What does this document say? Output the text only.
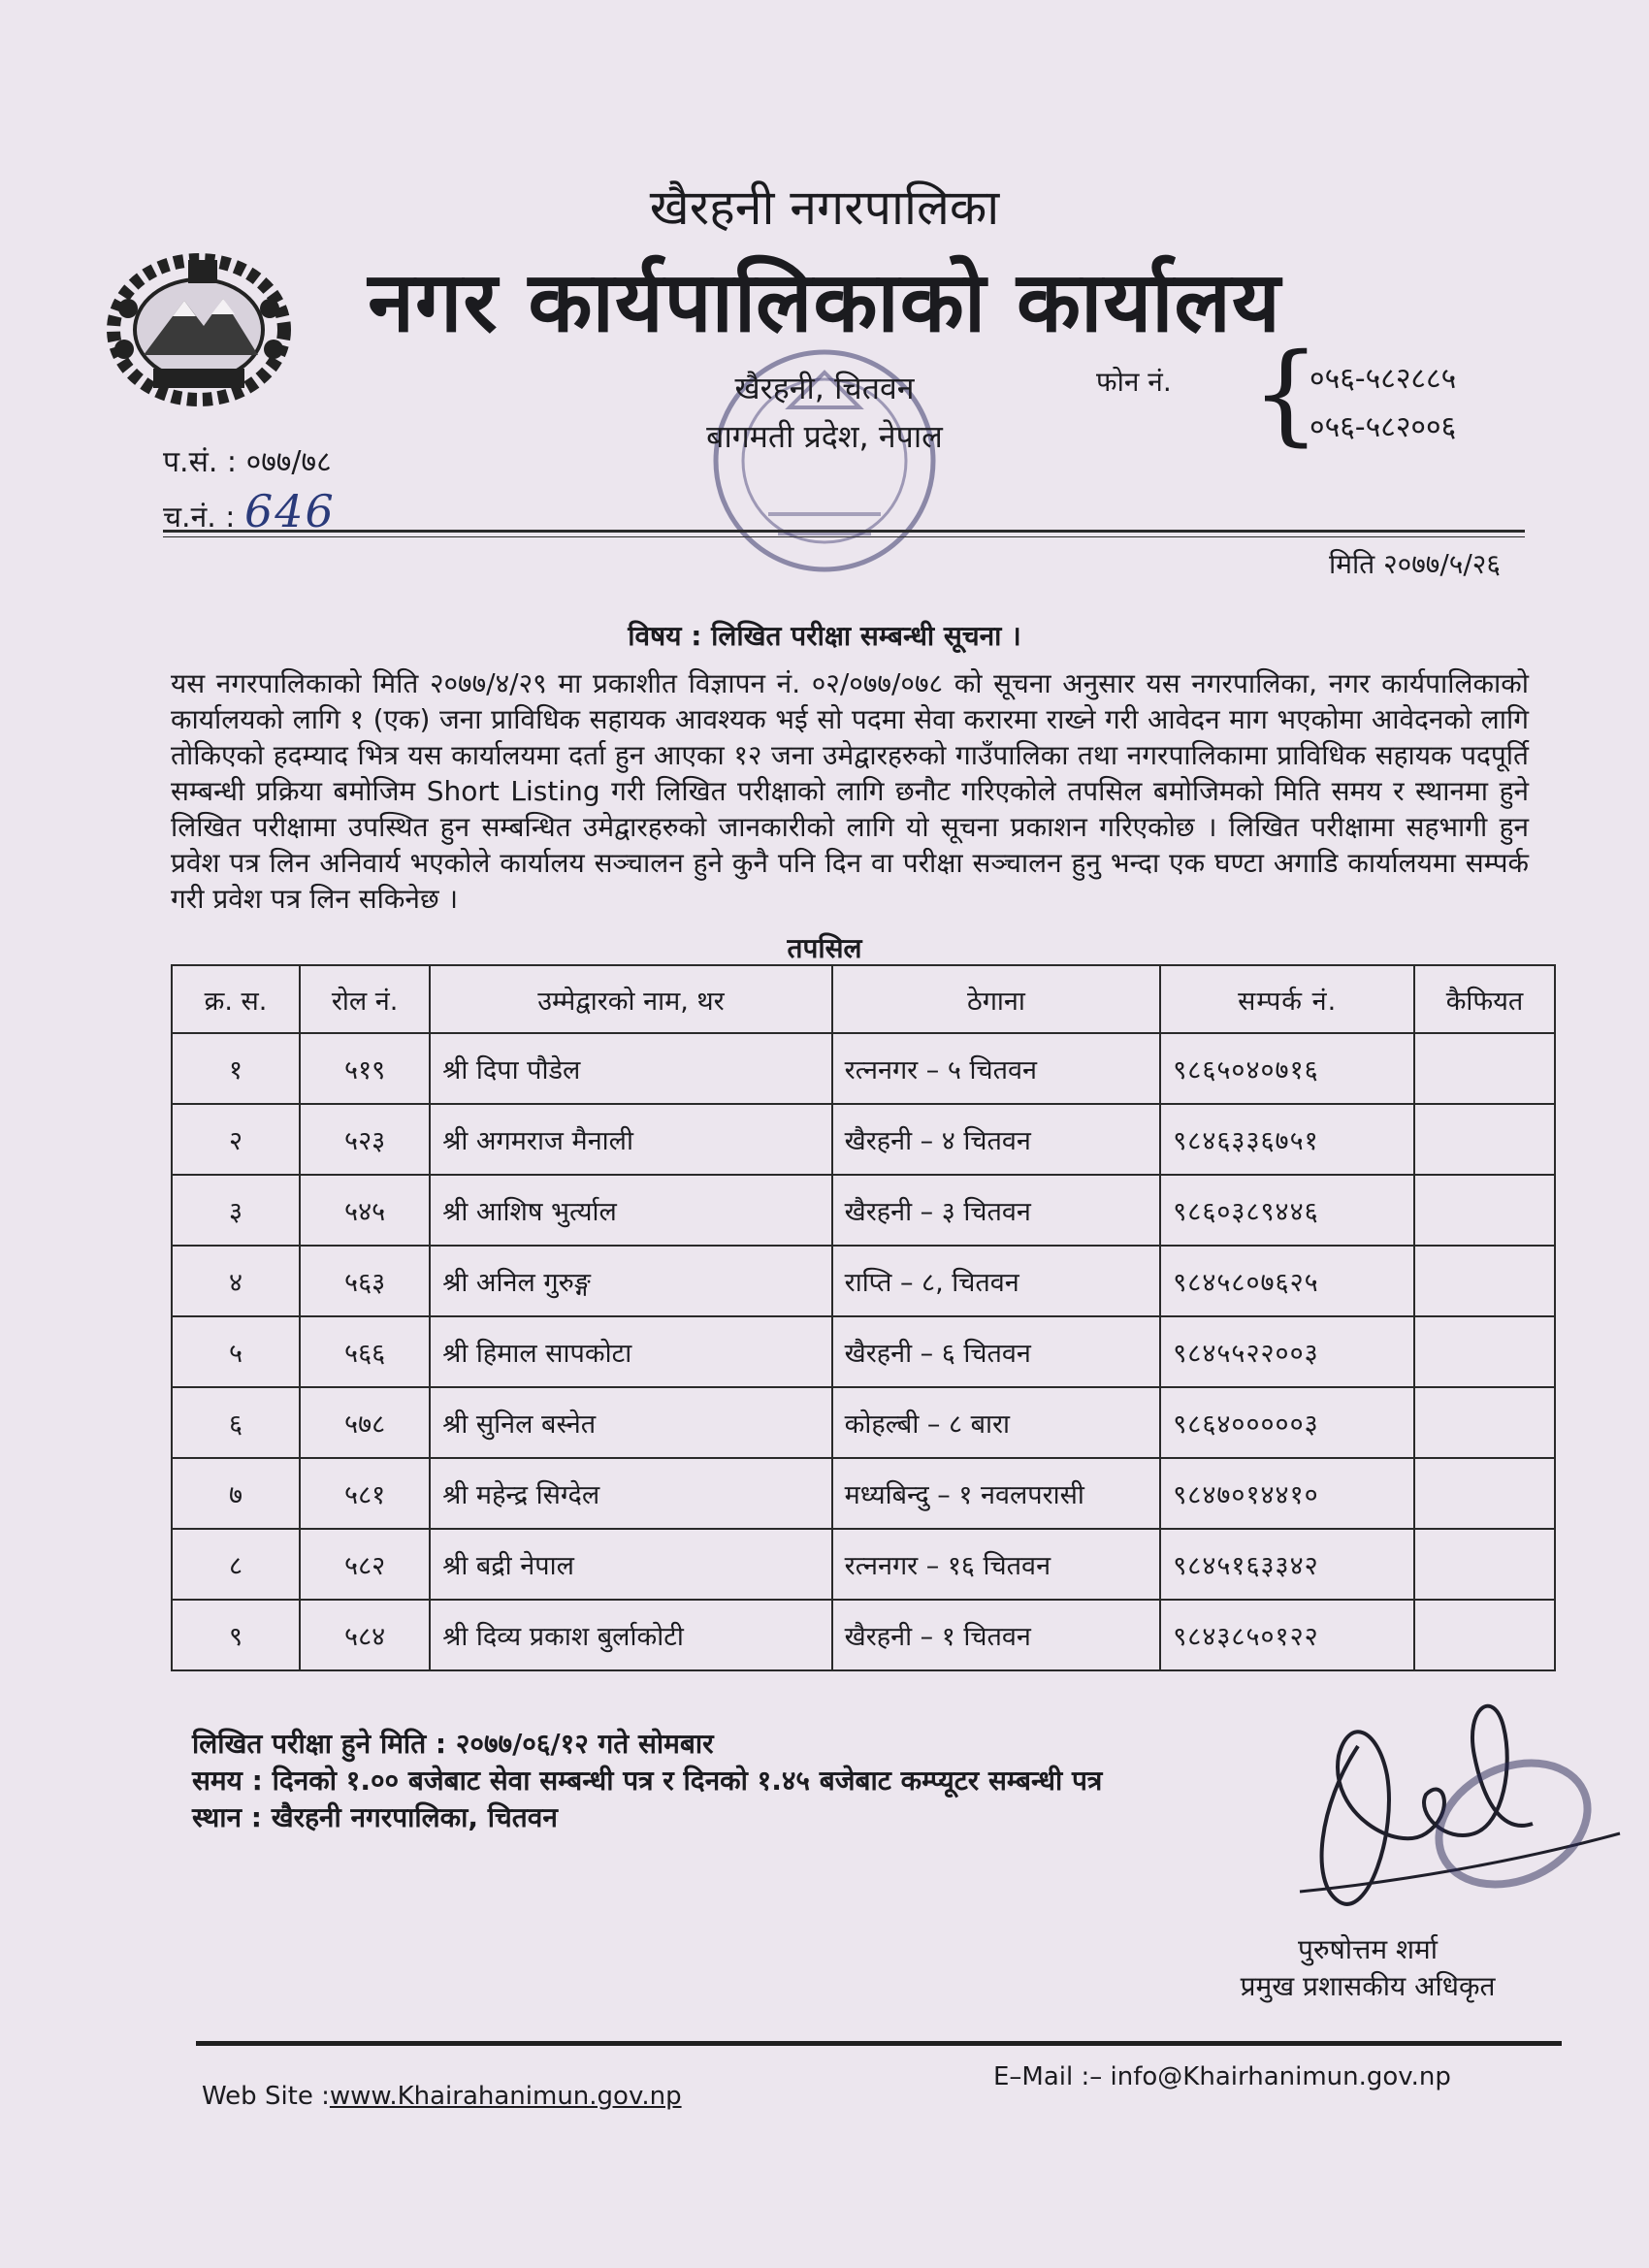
खैरहनी नगरपालिका
नगर कार्यपालिकाको कार्यालय
खैरहनी, चितवन
बागमती प्रदेश, नेपाल
फोन नं. {
०५६-५८२८८५
०५६-५८२००६
प.सं. : ०७७/७८
च.नं. : 646
मिति २०७७/५/२६
विषय : लिखित परीक्षा सम्बन्धी सूचना ।
यस नगरपालिकाको मिति २०७७/४/२९ मा प्रकाशीत विज्ञापन नं. ०२/०७७/०७८ को सूचना अनुसार यस नगरपालिका, नगर कार्यपालिकाको कार्यालयको लागि १ (एक) जना प्राविधिक सहायक आवश्यक भई सो पदमा सेवा करारमा राख्ने गरी आवेदन माग भएकोमा आवेदनको लागि तोकिएको हदम्याद भित्र यस कार्यालयमा दर्ता हुन आएका १२ जना उमेद्वारहरुको गाउँपालिका तथा नगरपालिकामा प्राविधिक सहायक पदपूर्ति सम्बन्धी प्रक्रिया बमोजिम Short Listing गरी लिखित परीक्षाको लागि छनौट गरिएकोले तपसिल बमोजिमको मिति समय र स्थानमा हुने लिखित परीक्षामा उपस्थित हुन सम्बन्धित उमेद्वारहरुको जानकारीको लागि यो सूचना प्रकाशन गरिएकोछ । लिखित परीक्षामा सहभागी हुन प्रवेश पत्र लिन अनिवार्य भएकोले कार्यालय सञ्चालन हुने कुनै पनि दिन वा परीक्षा सञ्चालन हुनु भन्दा एक घण्टा अगाडि कार्यालयमा सम्पर्क गरी प्रवेश पत्र लिन सकिनेछ ।
तपसिल
क्र. स.	रोल नं.	उम्मेद्वारको नाम, थर	ठेगाना	सम्पर्क नं.	कैफियत
१	५१९	श्री दिपा पौडेल	रत्ननगर – ५ चितवन	९८६५०४०७१६	
२	५२३	श्री अगमराज मैनाली	खैरहनी – ४ चितवन	९८४६३३६७५१	
३	५४५	श्री आशिष भुर्त्याल	खैरहनी – ३ चितवन	९८६०३८९४४६	
४	५६३	श्री अनिल गुरुङ्ग	राप्ति – ८, चितवन	९८४५८०७६२५	
५	५६६	श्री हिमाल सापकोटा	खैरहनी – ६ चितवन	९८४५५२२००३	
६	५७८	श्री सुनिल बस्नेत	कोहल्बी – ८ बारा	९८६४०००००३	
७	५८१	श्री महेन्द्र सिग्देल	मध्यबिन्दु – १ नवलपरासी	९८४७०१४४१०	
८	५८२	श्री बद्री नेपाल	रत्ननगर – १६ चितवन	९८४५१६३३४२	
९	५८४	श्री दिव्य प्रकाश बुर्लाकोटी	खैरहनी – १ चितवन	९८४३८५०१२२	
लिखित परीक्षा हुने मिति : २०७७/०६/१२ गते सोमबार
समय : दिनको १.०० बजेबाट सेवा सम्बन्धी पत्र र दिनको १.४५ बजेबाट कम्प्यूटर सम्बन्धी पत्र
स्थान : खैरहनी नगरपालिका, चितवन
पुरुषोत्तम शर्मा
प्रमुख प्रशासकीय अधिकृत
Web Site :www.Khairahanimun.gov.np
E–Mail :– info@Khairhanimun.gov.np
